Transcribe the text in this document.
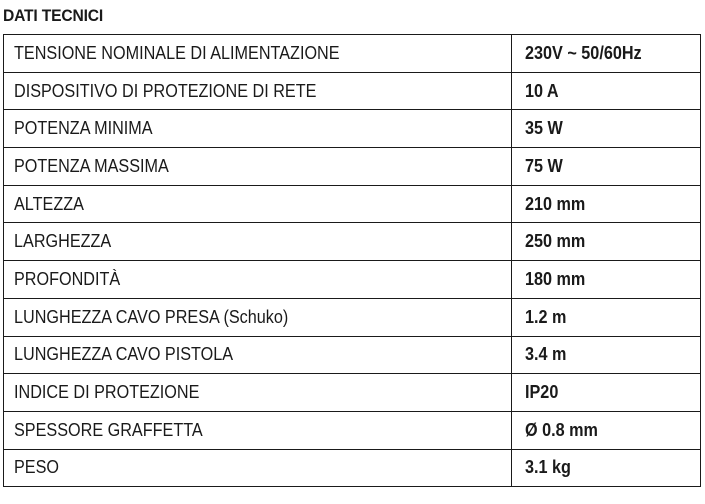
DATI TECNICI
TENSIONE NOMINALE DI ALIMENTAZIONE	230V ~ 50/60Hz
DISPOSITIVO DI PROTEZIONE DI RETE	10 A
POTENZA MINIMA	35 W
POTENZA MASSIMA	75 W
ALTEZZA	210 mm
LARGHEZZA	250 mm
PROFONDITÀ	180 mm
LUNGHEZZA CAVO PRESA (Schuko)	1.2 m
LUNGHEZZA CAVO PISTOLA	3.4 m
INDICE DI PROTEZIONE	IP20
SPESSORE GRAFFETTA	Ø 0.8 mm
PESO	3.1 kg
